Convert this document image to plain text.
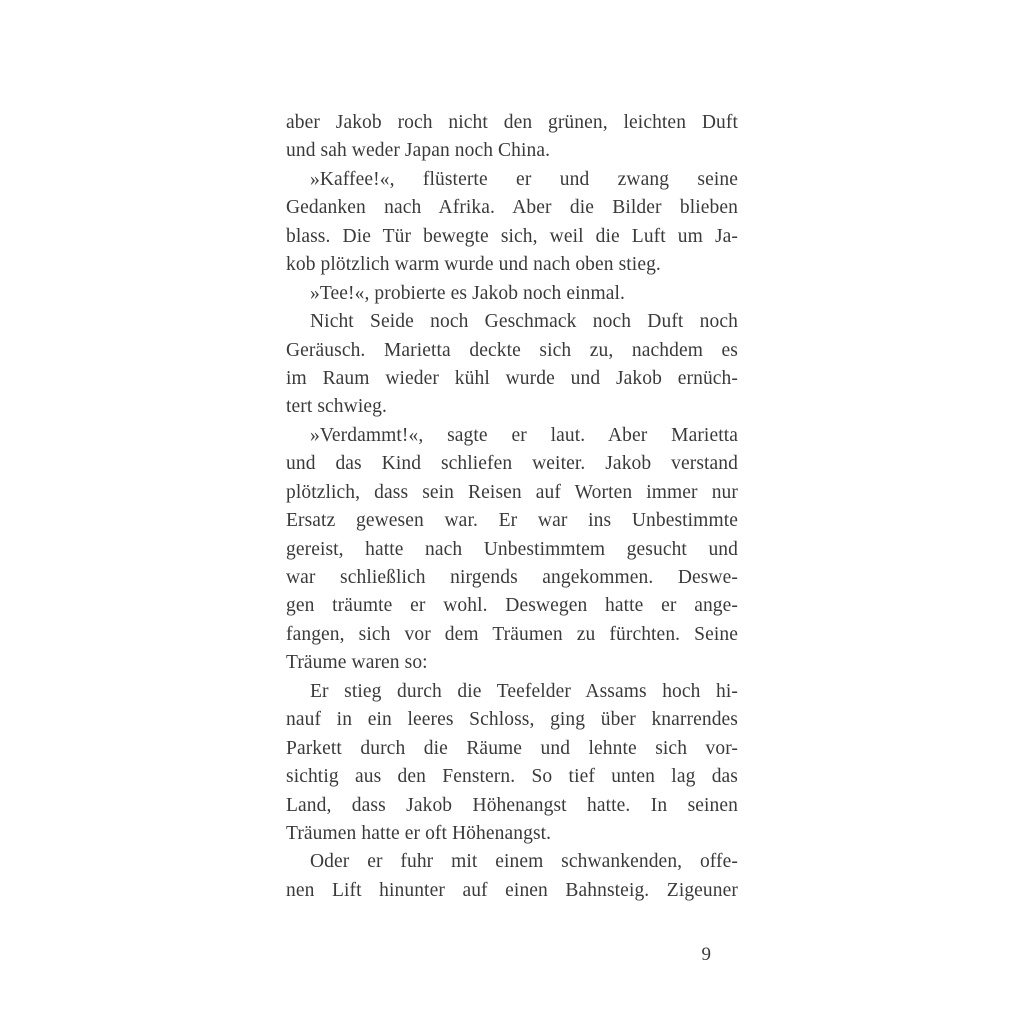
aber Jakob roch nicht den grünen, leichten Duft
und sah weder Japan noch China.
»Kaffee!«, flüsterte er und zwang seine
Gedanken nach Afrika. Aber die Bilder blieben
blass. Die Tür bewegte sich, weil die Luft um Ja-
kob plötzlich warm wurde und nach oben stieg.
»Tee!«, probierte es Jakob noch einmal.
Nicht Seide noch Geschmack noch Duft noch
Geräusch. Marietta deckte sich zu, nachdem es
im Raum wieder kühl wurde und Jakob ernüch-
tert schwieg.
»Verdammt!«, sagte er laut. Aber Marietta
und das Kind schliefen weiter. Jakob verstand
plötzlich, dass sein Reisen auf Worten immer nur
Ersatz gewesen war. Er war ins Unbestimmte
gereist, hatte nach Unbestimmtem gesucht und
war schließlich nirgends angekommen. Deswe-
gen träumte er wohl. Deswegen hatte er ange-
fangen, sich vor dem Träumen zu fürchten. Seine
Träume waren so:
Er stieg durch die Teefelder Assams hoch hi-
nauf in ein leeres Schloss, ging über knarrendes
Parkett durch die Räume und lehnte sich vor-
sichtig aus den Fenstern. So tief unten lag das
Land, dass Jakob Höhenangst hatte. In seinen
Träumen hatte er oft Höhenangst.
Oder er fuhr mit einem schwankenden, offe-
nen Lift hinunter auf einen Bahnsteig. Zigeuner
9
